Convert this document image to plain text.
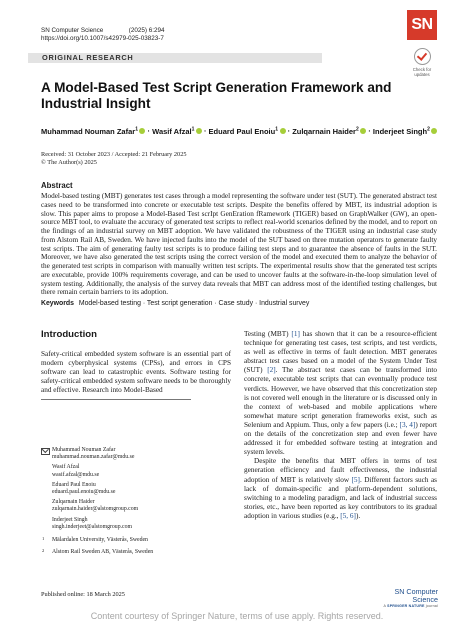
SN Computer Science	(2025) 6:294
https://doi.org/10.1007/s42979-025-03823-7
SN
ORIGINAL RESEARCH
Check for
updates
A Model-Based Test Script Generation Framework and Industrial Insight
Muhammad Nouman Zafar$^1$ · Wasif Afzal$^1$ · Eduard Paul Enoiu$^1$ · Zulqarnain Haider$^2$ · Inderjeet Singh$^2$
Received: 31 October 2023 / Accepted: 21 February 2025
© The Author(s) 2025
Abstract
Model-based testing (MBT) generates test cases through a model representing the software under test (SUT). The generated abstract test cases need to be transformed into concrete or executable test scripts. Despite the benefits offered by MBT, its industrial adoption is slow. This paper aims to propose a Model-Based Test scrIpt GenEration fRamework (TIGER) based on GraphWalker (GW), an open-source MBT tool, to evaluate the accuracy of generated test scripts to reflect real-world scenarios defined by the model, and to report on the findings of an industrial survey on MBT adoption. We have validated the robustness of the TIGER using an industrial case study from Alstom Rail AB, Sweden. We have injected faults into the model of the SUT based on three mutation operators to generate faulty test scripts. The aim of generating faulty test scripts is to produce failing test steps and to guarantee the absence of faults in the SUT. Moreover, we have also generated the test scripts using the correct version of the model and executed them to analyze the behavior of the generated test scripts in comparison with manually written test scripts. The experimental results show that the generated test scripts are executable, provide 100% requirements coverage, and can be used to uncover faults at the software-in-the-loop simulation level of system testing. Additionally, the analysis of the survey data reveals that MBT can address most of the identified testing challenges, but there remain certain barriers to its adoption.
Keywords Model-based testing · Test script generation · Case study · Industrial survey
Introduction
Safety-critical embedded system software is an essential part of modern cyberphysical systems (CPSs), and errors in CPS software can lead to catastrophic events. Software testing for safety-critical embedded system software needs to be thoroughly and effective. Research into Model-Based
Testing (MBT) [1] has shown that it can be a resource-efficient technique for generating test cases, test scripts, and test verdicts, as well as effective in terms of fault detection. MBT generates abstract test cases based on a model of the System Under Test (SUT) [2]. The abstract test cases can be transformed into concrete, executable test scripts that can eventually produce test verdicts. However, we have observed that this concretization step is not covered well enough in the literature or is discussed only in the context of web-based and mobile applications where somewhat mature script generation frameworks exist, such as Selenium and Appium. Thus, only a few papers (i.e.; [3, 4]) report on the details of the concretization step and even fewer have addressed it for embedded software testing at integration and system levels.
Despite the benefits that MBT offers in terms of test generation efficiency and fault effectiveness, the industrial adoption of MBT is relatively slow [5]. Different factors such as lack of domain-specific and platform-dependent solutions, switching to a modeling paradigm, and lack of industrial success stories, etc., have been reported as key contributors to its gradual adoption in various studies (e.g., [5, 6]).
Muhammad Nouman Zafar
muhammad.nouman.zafar@mdu.se
Wasif Afzal
wasif.afzal@mdu.se
Eduard Paul Enoiu
eduard.paul.enoiu@mdu.se
Zulqarnain Haider
zulqarnain.haider@alstomgroup.com
Inderjeet Singh
singh.inderjeet@alstomgroup.com
1	Mälardalen University, Västerås, Sweden
2	Alstom Rail Sweden AB, Västerås, Sweden
Published online: 18 March 2025	SN Computer Science
A SPRINGER NATURE journal
Content courtesy of Springer Nature, terms of use apply. Rights reserved.
